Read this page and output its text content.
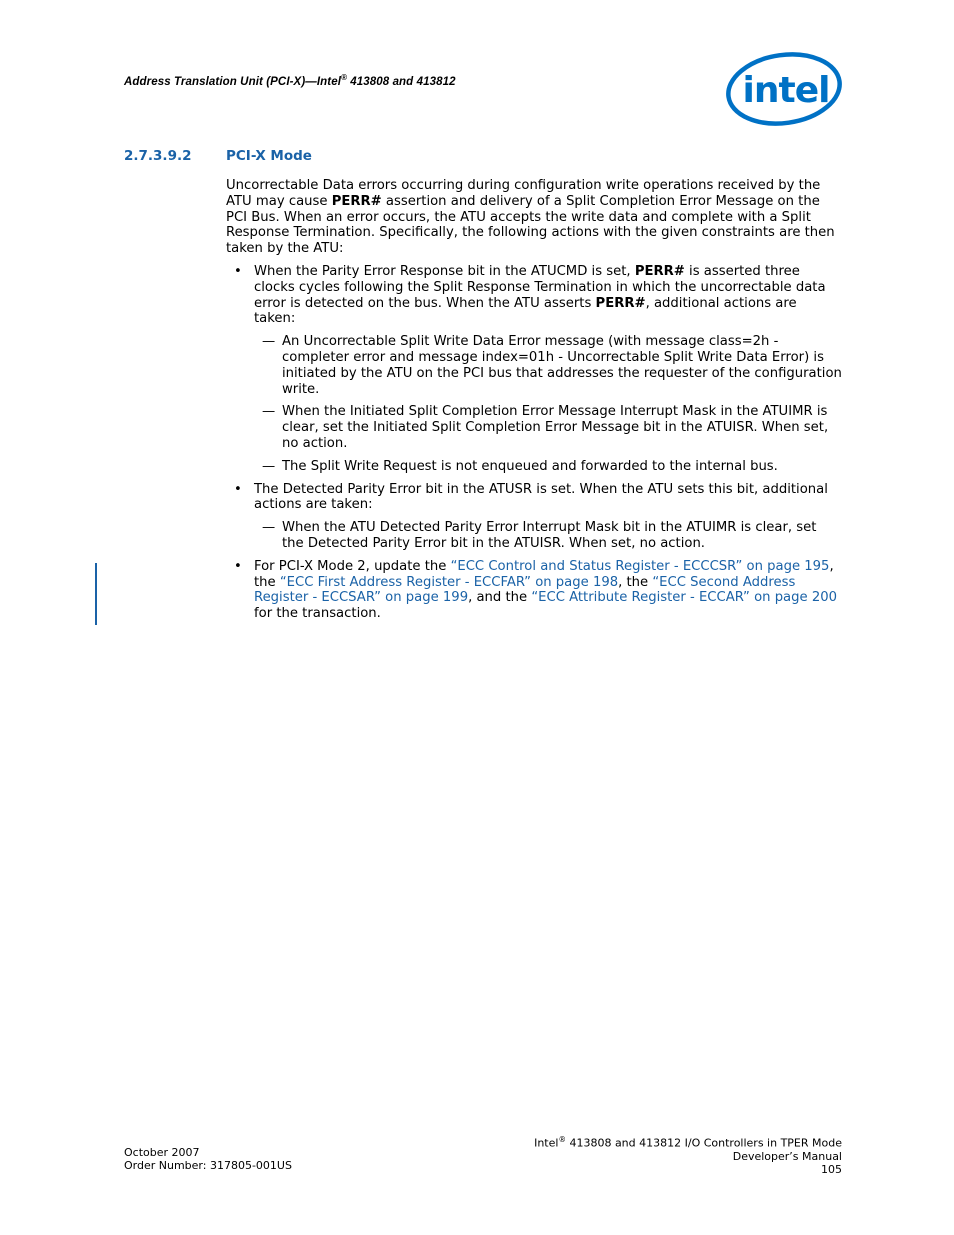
Address Translation Unit (PCI-X)—Intel® 413808 and 413812	intel
2.7.3.9.2	PCI-X Mode

Uncorrectable Data errors occurring during configuration write operations received by the ATU may cause PERR# assertion and delivery of a Split Completion Error Message on the PCI Bus. When an error occurs, the ATU accepts the write data and complete with a Split Response Termination. Specifically, the following actions with the given constraints are then taken by the ATU:

• When the Parity Error Response bit in the ATUCMD is set, PERR# is asserted three clocks cycles following the Split Response Termination in which the uncorrectable data error is detected on the bus. When the ATU asserts PERR#, additional actions are taken:
— An Uncorrectable Split Write Data Error message (with message class=2h - completer error and message index=01h - Uncorrectable Split Write Data Error) is initiated by the ATU on the PCI bus that addresses the requester of the configuration write.
— When the Initiated Split Completion Error Message Interrupt Mask in the ATUIMR is clear, set the Initiated Split Completion Error Message bit in the ATUISR. When set, no action.
— The Split Write Request is not enqueued and forwarded to the internal bus.
• The Detected Parity Error bit in the ATUSR is set. When the ATU sets this bit, additional actions are taken:
— When the ATU Detected Parity Error Interrupt Mask bit in the ATUIMR is clear, set the Detected Parity Error bit in the ATUISR. When set, no action.
• For PCI-X Mode 2, update the “ECC Control and Status Register - ECCCSR” on page 195, the “ECC First Address Register - ECCFAR” on page 198, the “ECC Second Address Register - ECCSAR” on page 199, and the “ECC Attribute Register - ECCAR” on page 200 for the transaction.
October 2007
Order Number: 317805-001US
Intel® 413808 and 413812 I/O Controllers in TPER Mode
Developer’s Manual
105
